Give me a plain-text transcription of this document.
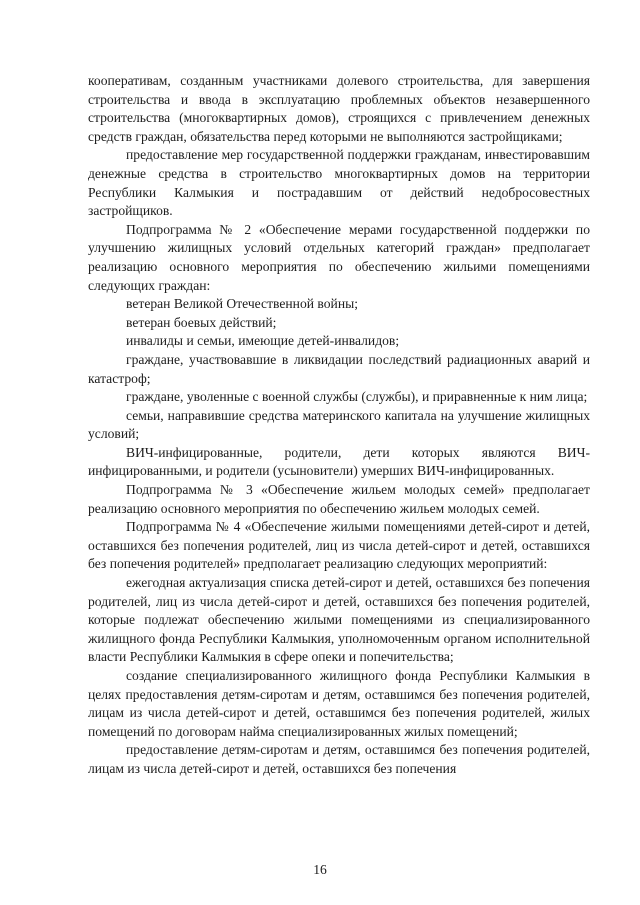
кооперативам, созданным участниками долевого строительства, для завершения строительства и ввода в эксплуатацию проблемных объектов незавершенного строительства (многоквартирных домов), строящихся с привлечением денежных средств граждан, обязательства перед которыми не выполняются застройщиками;

предоставление мер государственной поддержки гражданам, инвестировавшим денежные средства в строительство многоквартирных домов на территории Республики Калмыкия и пострадавшим от действий недобросовестных застройщиков.

Подпрограмма № 2 «Обеспечение мерами государственной поддержки по улучшению жилищных условий отдельных категорий граждан» предполагает реализацию основного мероприятия по обеспечению жильими помещениями следующих граждан:

ветеран Великой Отечественной войны;

ветеран боевых действий;

инвалиды и семьи, имеющие детей-инвалидов;

граждане, участвовавшие в ликвидации последствий радиационных аварий и катастроф;

граждане, уволенные с военной службы (службы), и приравненные к ним лица;

семьи, направившие средства материнского капитала на улучшение жилищных условий;

ВИЧ-инфицированные, родители, дети которых являются ВИЧ-инфицированными, и родители (усыновители) умерших ВИЧ-инфицированных.

Подпрограмма № 3 «Обеспечение жильем молодых семей» предполагает реализацию основного мероприятия по обеспечению жильем молодых семей.

Подпрограмма № 4 «Обеспечение жилыми помещениями детей-сирот и детей, оставшихся без попечения родителей, лиц из числа детей-сирот и детей, оставшихся без попечения родителей» предполагает реализацию следующих мероприятий:

ежегодная актуализация списка детей-сирот и детей, оставшихся без попечения родителей, лиц из числа детей-сирот и детей, оставшихся без попечения родителей, которые подлежат обеспечению жилыми помещениями из специализированного жилищного фонда Республики Калмыкия, уполномоченным органом исполнительной власти Республики Калмыкия в сфере опеки и попечительства;

создание специализированного жилищного фонда Республики Калмыкия в целях предоставления детям-сиротам и детям, оставшимся без попечения родителей, лицам из числа детей-сирот и детей, оставшимся без попечения родителей, жилых помещений по договорам найма специализированных жилых помещений;

предоставление детям-сиротам и детям, оставшимся без попечения родителей, лицам из числа детей-сирот и детей, оставшихся без попечения

16
